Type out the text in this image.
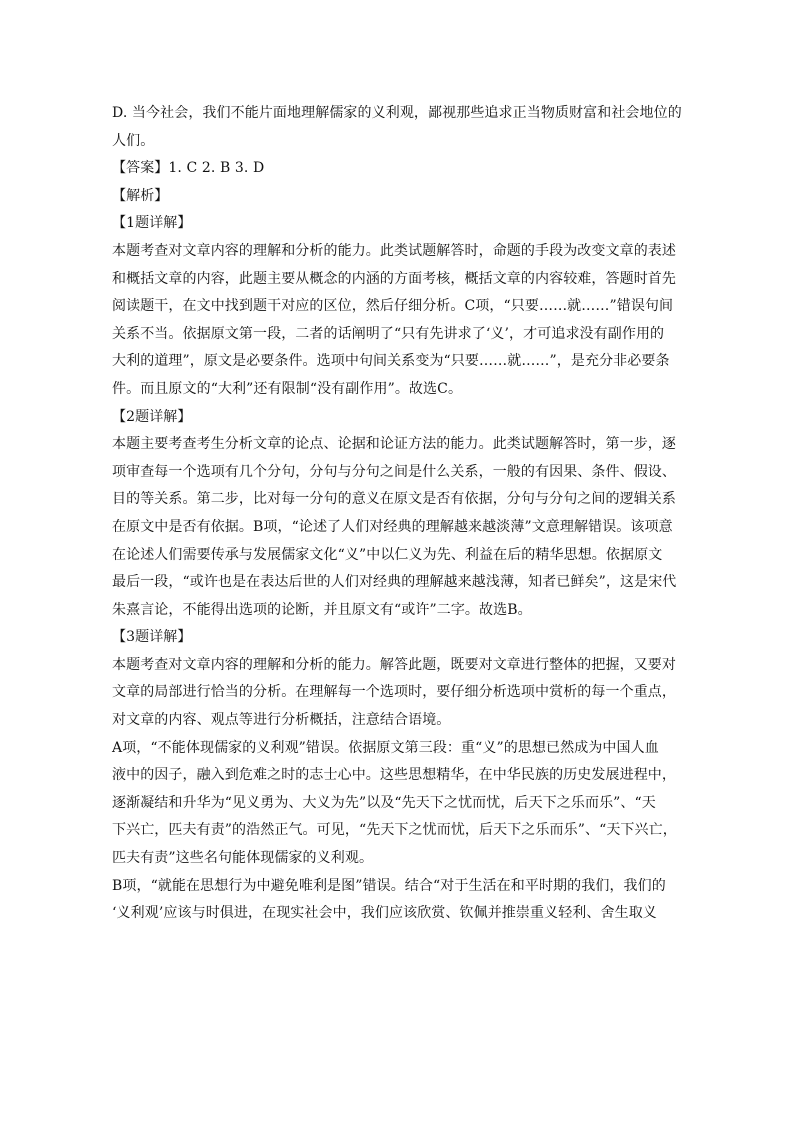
D. 当今社会，我们不能片面地理解儒家的义利观，鄙视那些追求正当物质财富和社会地位的
人们。
【答案】1. C 2. B 3. D
【解析】
【1题详解】
本题考查对文章内容的理解和分析的能力。此类试题解答时，命题的手段为改变文章的表述
和概括文章的内容，此题主要从概念的内涵的方面考核，概括文章的内容较难，答题时首先
阅读题干，在文中找到题干对应的区位，然后仔细分析。C项，“只要……就……”错误句间
关系不当。依据原文第一段，二者的话阐明了“只有先讲求了‘义’，才可追求没有副作用的
大利的道理”，原文是必要条件。选项中句间关系变为“只要……就……”，是充分非必要条
件。而且原文的“大利”还有限制“没有副作用”。故选C。
【2题详解】
本题主要考查考生分析文章的论点、论据和论证方法的能力。此类试题解答时，第一步，逐
项审查每一个选项有几个分句，分句与分句之间是什么关系，一般的有因果、条件、假设、
目的等关系。第二步，比对每一分句的意义在原文是否有依据，分句与分句之间的逻辑关系
在原文中是否有依据。B项，“论述了人们对经典的理解越来越淡薄”文意理解错误。该项意
在论述人们需要传承与发展儒家文化“义”中以仁义为先、利益在后的精华思想。依据原文
最后一段，“或许也是在表达后世的人们对经典的理解越来越浅薄，知者已鲜矣”，这是宋代
朱熹言论，不能得出选项的论断，并且原文有“或许”二字。故选B。
【3题详解】
本题考查对文章内容的理解和分析的能力。解答此题，既要对文章进行整体的把握，又要对
文章的局部进行恰当的分析。在理解每一个选项时，要仔细分析选项中赏析的每一个重点，
对文章的内容、观点等进行分析概括，注意结合语境。
A项，“不能体现儒家的义利观”错误。依据原文第三段：重“义”的思想已然成为中国人血
液中的因子，融入到危难之时的志士心中。这些思想精华，在中华民族的历史发展进程中，
逐渐凝结和升华为“见义勇为、大义为先”以及“先天下之忧而忧，后天下之乐而乐”、“天
下兴亡，匹夫有责”的浩然正气。可见，“先天下之忧而忧，后天下之乐而乐”、“天下兴亡，
匹夫有责”这些名句能体现儒家的义利观。
B项，“就能在思想行为中避免唯利是图”错误。结合“对于生活在和平时期的我们，我们的
‘义利观’应该与时俱进，在现实社会中，我们应该欣赏、钦佩并推崇重义轻利、舍生取义
